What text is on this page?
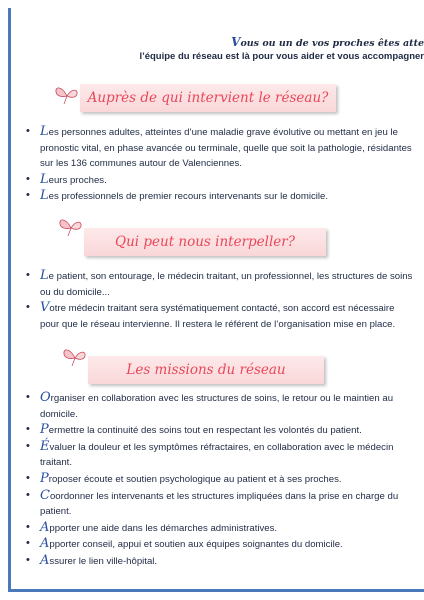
Vous ou un de vos proches êtes atte
l’équipe du réseau est là pour vous aider et vous accompagner
Auprès de qui intervient le réseau?
• Les personnes adultes, atteintes d’une maladie grave évolutive ou mettant en jeu le pronostic vital, en phase avancée ou terminale, quelle que soit la pathologie, résidantes sur les 136 communes autour de Valenciennes.
• Leurs proches.
• Les professionnels de premier recours intervenants sur le domicile.
Qui peut nous interpeller?
• Le patient, son entourage, le médecin traitant, un professionnel, les structures de soins ou du domicile...
• Votre médecin traitant sera systématiquement contacté, son accord est nécessaire pour que le réseau intervienne. Il restera le référent de l’organisation mise en place.
Les missions du réseau
• Organiser en collaboration avec les structures de soins, le retour ou le maintien au domicile.
• Permettre la continuité des soins tout en respectant les volontés du patient.
• Évaluer la douleur et les symptômes réfractaires, en collaboration avec le médecin traitant.
• Proposer écoute et soutien psychologique au patient et à ses proches.
• Coordonner les intervenants et les structures impliquées dans la prise en charge du patient.
• Apporter une aide dans les démarches administratives.
• Apporter conseil, appui et soutien aux équipes soignantes du domicile.
• Assurer le lien ville-hôpital.
